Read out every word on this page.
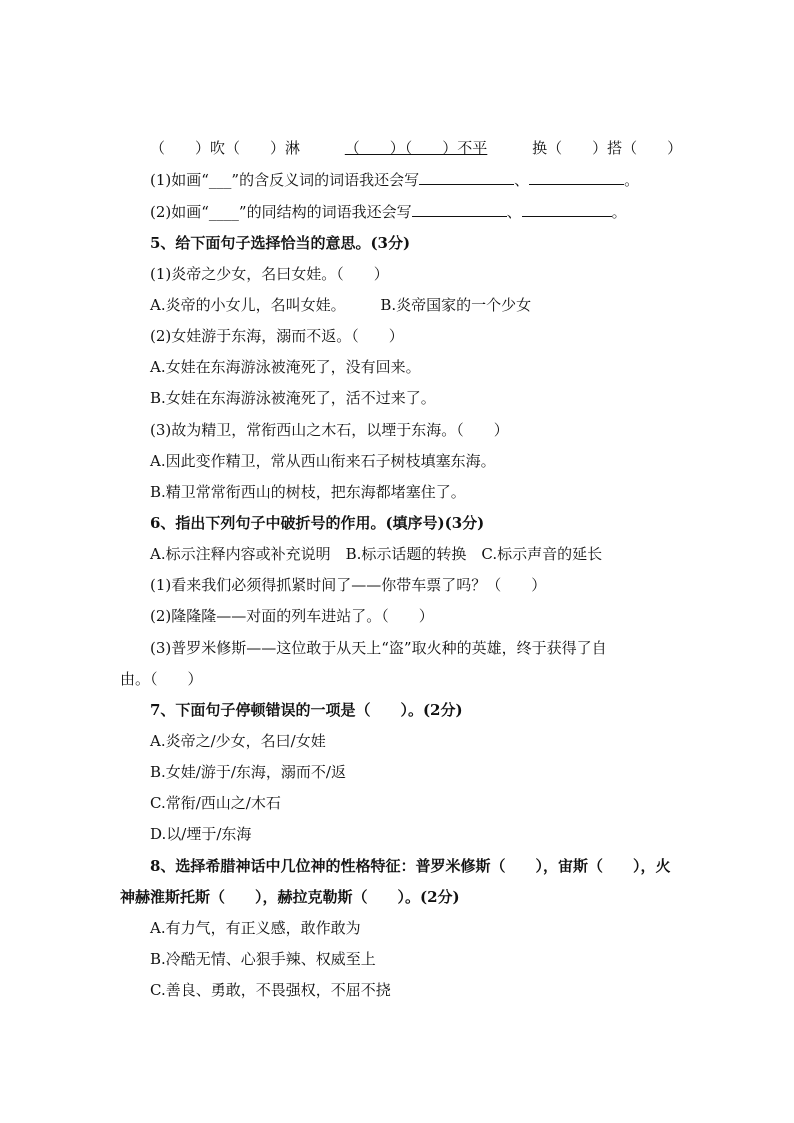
（　　）吹（　　）淋	（　　）（　　）不平	换（　　）搭（　　）
(1)如画“___”的含反义词的词语我还会写	、	。
(2)如画“____”的同结构的词语我还会写	、	。
5、给下面句子选择恰当的意思。(3分)
(1)炎帝之少女，名曰女娃。（　　）
A.炎帝的小女儿，名叫女娃。 B.炎帝国家的一个少女
(2)女娃游于东海，溺而不返。（　　）
A.女娃在东海游泳被淹死了，没有回来。
B.女娃在东海游泳被淹死了，活不过来了。
(3)故为精卫，常衔西山之木石，以堙于东海。（　　）
A.因此变作精卫，常从西山衔来石子树枝填塞东海。
B.精卫常常衔西山的树枝，把东海都堵塞住了。
6、指出下列句子中破折号的作用。(填序号)(3分)
A.标示注释内容或补充说明　B.标示话题的转换　C.标示声音的延长
(1)看来我们必须得抓紧时间了——你带车票了吗？（　　）
(2)隆隆隆——对面的列车进站了。（　　）
(3)普罗米修斯——这位敢于从天上“盗”取火种的英雄，终于获得了自
由。（　　）
7、下面句子停顿错误的一项是（　　）。(2分)
A.炎帝之/少女，名曰/女娃
B.女娃/游于/东海，溺而不/返
C.常衔/西山之/木石
D.以/堙于/东海
8、选择希腊神话中几位神的性格特征：普罗米修斯（　　），宙斯（　　），火
神赫淮斯托斯（　　），赫拉克勒斯（　　）。(2分)
A.有力气，有正义感，敢作敢为
B.冷酷无情、心狠手辣、权威至上
C.善良、勇敢，不畏强权，不屈不挠
